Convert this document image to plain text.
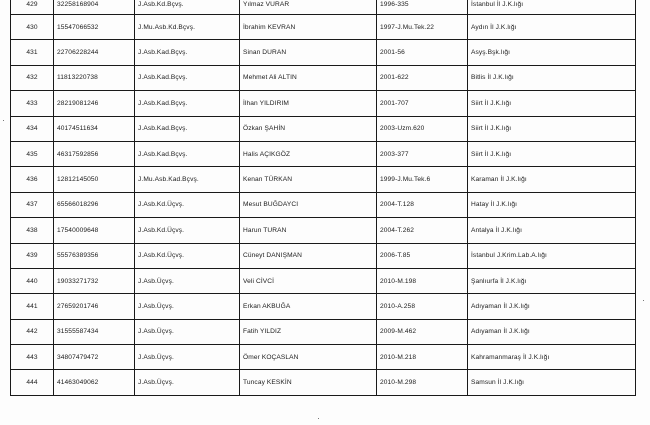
429	32258168904	J.Asb.Kd.Bçvş.	Yılmaz VURAR	1996-335	İstanbul İl J.K.lığı
430	15547066532	J.Mu.Asb.Kd.Bçvş.	İbrahim KEVRAN	1997-J.Mu.Tek.22	Aydın İl J.K.lığı
431	22706228244	J.Asb.Kad.Bçvş.	Sinan DURAN	2001-56	Asyş.Bşk.lığı
432	11813220738	J.Asb.Kad.Bçvş.	Mehmet Ali ALTIN	2001-622	Bitlis İl J.K.lığı
433	28219081246	J.Asb.Kad.Bçvş.	İlhan YILDIRIM	2001-707	Siirt İl J.K.lığı
434	40174511634	J.Asb.Kad.Bçvş.	Özkan ŞAHİN	2003-Uzm.620	Siirt İl J.K.lığı
435	46317592856	J.Asb.Kad.Bçvş.	Halis AÇIKGÖZ	2003-377	Siirt İl J.K.lığı
436	12812145050	J.Mu.Asb.Kad.Bçvş.	Kenan TÜRKAN	1999-J.Mu.Tek.6	Karaman İl J.K.lığı
437	65566018296	J.Asb.Kd.Üçvş.	Mesut BUĞDAYCI	2004-T.128	Hatay İl J.K.lığı
438	17540009648	J.Asb.Kd.Üçvş.	Harun TURAN	2004-T.262	Antalya İl J.K.lığı
439	55576389356	J.Asb.Kd.Üçvş.	Cüneyt DANIŞMAN	2006-T.85	İstanbul J.Krim.Lab.A.lığı
440	19033271732	J.Asb.Üçvş.	Veli CİVCİ	2010-M.198	Şanlıurfa İl J.K.lığı
441	27659201746	J.Asb.Üçvş.	Erkan AKBUĞA	2010-A.258	Adıyaman İl J.K.lığı
442	31555587434	J.Asb.Üçvş.	Fatih YILDIZ	2009-M.462	Adıyaman İl J.K.lığı
443	34807479472	J.Asb.Üçvş.	Ömer KOÇASLAN	2010-M.218	Kahramanmaraş İl J.K.lığı
444	41463049062	J.Asb.Üçvş.	Tuncay KESKİN	2010-M.298	Samsun İl J.K.lığı
